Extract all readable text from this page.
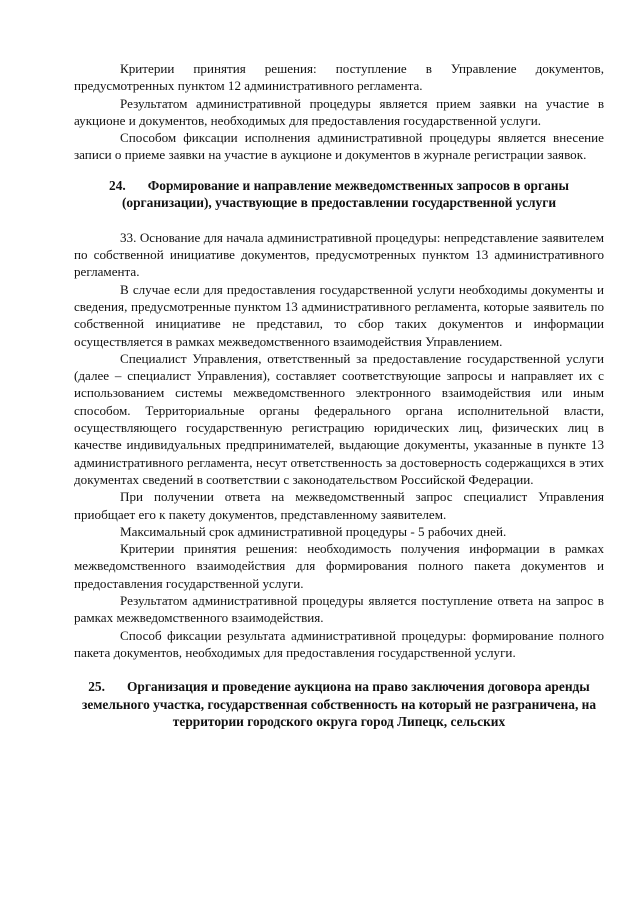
Критерии принятия решения: поступление в Управление документов, предусмотренных пунктом 12 административного регламента.

Результатом административной процедуры является прием заявки на участие в аукционе и документов, необходимых для предоставления государственной услуги.

Способом фиксации исполнения административной процедуры является внесение записи о приеме заявки на участие в аукционе и документов в журнале регистрации заявок.

24. Формирование и направление межведомственных запросов в органы (организации), участвующие в предоставлении государственной услуги

33. Основание для начала административной процедуры: непредставление заявителем по собственной инициативе документов, предусмотренных пунктом 13 административного регламента.

В случае если для предоставления государственной услуги необходимы документы и сведения, предусмотренные пунктом 13 административного регламента, которые заявитель по собственной инициативе не представил, то сбор таких документов и информации осуществляется в рамках межведомственного взаимодействия Управлением.

Специалист Управления, ответственный за предоставление государственной услуги (далее – специалист Управления), составляет соответствующие запросы и направляет их с использованием системы межведомственного электронного взаимодействия или иным способом. Территориальные органы федерального органа исполнительной власти, осуществляющего государственную регистрацию юридических лиц, физических лиц в качестве индивидуальных предпринимателей, выдающие документы, указанные в пункте 13 административного регламента, несут ответственность за достоверность содержащихся в этих документах сведений в соответствии с законодательством Российской Федерации.

При получении ответа на межведомственный запрос специалист Управления приобщает его к пакету документов, представленному заявителем.

Максимальный срок административной процедуры - 5 рабочих дней.

Критерии принятия решения: необходимость получения информации в рамках межведомственного взаимодействия для формирования полного пакета документов и предоставления государственной услуги.

Результатом административной процедуры является поступление ответа на запрос в рамках межведомственного взаимодействия.

Способ фиксации результата административной процедуры: формирование полного пакета документов, необходимых для предоставления государственной услуги.

25. Организация и проведение аукциона на право заключения договора аренды земельного участка, государственная собственность на который не разграничена, на территории городского округа город Липецк, сельских
